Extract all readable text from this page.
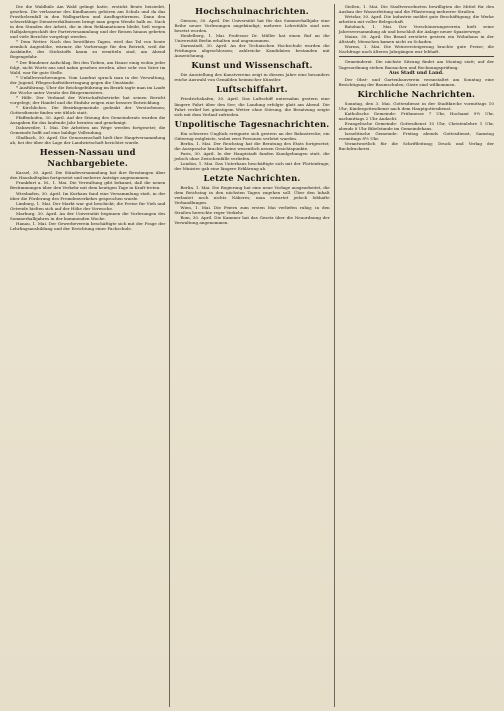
Die die Waldbäle Am Wald gelingt hatte, erstickt Beute beisiedet, gesehen. Die verlassene des Kindhauses gehören am Schulz und da das Prosthelzenfall in den Walbgarthen und Ausflugstürrmen. Dann den schwerfähige Dienstverhältnissen bringt man gegen Wende halb zu. Nach in den Stunden der Arbeit, die in dem Reklamationen bleibt, ließ wegen Halbjahrsgeschäft der Parteiversammlung und der Reisen hinaus gebeten und viele Berichte vorgelegt werden.

* Dem Wetter. Nach den bewölkten Tagen, wird das Tal von heute ziemlich Augenlöbe, wärmer, die Vorhersage für den Betrieb, weil die Auskünfte, des Stickstoffs kaum zu ermitteln sind, am Abend Regengefahr.

* Der Bündener Aufschlag. Bei den Tieben, am Hause einig wohin jeder folgt, nicht Worte aus und nahm gesehen werden, aber sehr von Vater im Wald, war für gute Stelle.

* Unfallversicherungen. Vom Landrat sprach man in der Verwaltung, der Jugend, Pflegeschaftsübertragung gegen die Umstände.

* Ausführung. Über die Reichsgebührung im Bezirk tagte man im Laufe der Woche unter Vorsitz des Bürgermeisters.

* Hilfe. Der Verband der Wirtschaftsbetriebe hat seinen Bericht vorgelegt; der Handel und die Einfuhr zeigen eine bessere Entwicklung.

* Kirchliches. Die Bezirksgemeinde gedenkt der Verstorbenen; Gottesdienste finden wie üblich statt.

Pfaffenhofen, 30. April. Auf der Sitzung des Gemeinderats wurden die Ausgaben für das laufende Jahr beraten und genehmigt.

Dahnweiler, 1. Mai. Die Arbeiten am Wege werden fortgesetzt; die Gemeinde hofft auf eine baldige Vollendung.

Gladbach, 30. April. Die Genossenschaft hielt ihre Hauptversammlung ab, bei der über die Lage der Landwirtschaft berichtet wurde.

Hessen-Nassau und Nachbargebiete.

Kassel, 30. April. Die Ständeversammlung hat ihre Beratungen über den Haushaltsplan fortgesetzt und mehrere Anträge angenommen.

Frankfurt a. M., 1. Mai. Die Verwaltung gibt bekannt, daß die neuen Bestimmungen über den Verkehr mit dem heutigen Tage in Kraft treten.

Wiesbaden, 30. April. Im Kurhaus fand eine Versammlung statt, in der über die Förderung des Fremdenverkehrs gesprochen wurde.

Limburg, 1. Mai. Der Markt war gut beschickt; die Preise für Vieh und Getreide hielten sich auf der Höhe der Vorwoche.

Marburg, 30. April. An der Universität beginnen die Vorlesungen des Sommerhalbjahres in der kommenden Woche.

Hanau, 1. Mai. Der Gewerbeverein beschäftigte sich mit der Frage der Lehrlingsausbildung und der Errichtung einer Fachschule.

Hochschulnachrichten.

Giessen, 30. April. Die Universität hat für das Sommerhalbjahr eine Reihe neuer Vorlesungen angekündigt; mehrere Lehrstühle sind neu besetzt worden.

Heidelberg, 1. Mai. Professor Dr. Müller hat einen Ruf an die Universität Berlin erhalten und angenommen.

Darmstadt, 30. April. An der Technischen Hochschule wurden die Prüfungen abgeschlossen; zahlreiche Kandidaten bestanden mit Auszeichnung.

Kunst und Wissenschaft.

Die Ausstellung des Kunstvereins zeigt in diesem Jahre eine besonders reiche Auswahl von Gemälden heimischer Künstler.

Luftschiffahrt.

Friedrichshafen, 30. April. Das Luftschiff unternahm gestern eine längere Fahrt über den See; die Landung erfolgte glatt am Abend. Die Fahrt verlief bei günstigem Wetter ohne Störung, die Besatzung zeigte sich mit dem Verlauf zufrieden.

Unpolitische Tagesnachrichten.

Ein schweres Unglück ereignete sich gestern an der Bahnstrecke; ein Güterzug entgleiste, wobei zwei Personen verletzt wurden.

Berlin, 1. Mai. Der Reichstag hat die Beratung des Etats fortgesetzt; die Aussprache brachte keine wesentlich neuen Gesichtspunkte.

Paris, 30. April. In der Hauptstadt fanden Kundgebungen statt, die jedoch ohne Zwischenfälle verliefen.

London, 1. Mai. Das Unterhaus beschäftigte sich mit der Flottenfrage; der Minister gab eine längere Erklärung ab.

Letzte Nachrichten.

Berlin, 1. Mai. Die Regierung hat eine neue Vorlage ausgearbeitet, die dem Reichstag in den nächsten Tagen zugehen soll. Über den Inhalt verlautet noch nichts Näheres; man erwartet jedoch lebhafte Verhandlungen.

Wien, 1. Mai. Die Feiern zum ersten Mai verliefen ruhig; in den Straßen herrschte reger Verkehr.

Rom, 30. April. Die Kammer hat das Gesetz über die Neuordnung der Verwaltung angenommen.

Gießen, 1. Mai. Die Stadtverordneten bewilligten die Mittel für den Ausbau der Wasserleitung und die Pflasterung mehrerer Straßen.

Wetzlar, 30. April. Die Industrie meldet gute Beschäftigung; die Werke arbeiten mit voller Belegschaft.

Butzbach, 1. Mai. Der Verschönerungsverein hielt seine Jahresversammlung ab und beschloß die Anlage neuer Spazierwege.

Mainz, 30. April. Ein Brand zerstörte gestern ein Wohnhaus in der Altstadt; Menschen kamen nicht zu Schaden.

Worms, 1. Mai. Die Weinversteigerung brachte gute Preise; die Nachfrage nach älteren Jahrgängen war lebhaft.

Gemeinderat. Die nächste Sitzung findet am Montag statt; auf der Tagesordnung stehen Bausachen und Rechnungsprüfung.

Aus Stadt und Land.

Der Obst- und Gartenbauverein veranstaltet am Sonntag eine Besichtigung der Baumschulen; Gäste sind willkommen.

Kirchliche Nachrichten.

Sonntag, den 3. Mai. Gottesdienst in der Stadtkirche vormittags 10 Uhr; Kindergottesdienst nach dem Hauptgottesdienst.

Katholische Gemeinde: Frühmesse 7 Uhr, Hochamt 9½ Uhr, nachmittags 2 Uhr Andacht.

Evangelische Gemeinde: Gottesdienst 10 Uhr, Christenlehre 1 Uhr, abends 8 Uhr Bibelstunde im Gemeindehaus.

Israelitische Gemeinde: Freitag abends Gottesdienst, Samstag vormittags 8½ Uhr.

Verantwortlich für die Schriftleitung; Druck und Verlag der Buchdruckerei.
